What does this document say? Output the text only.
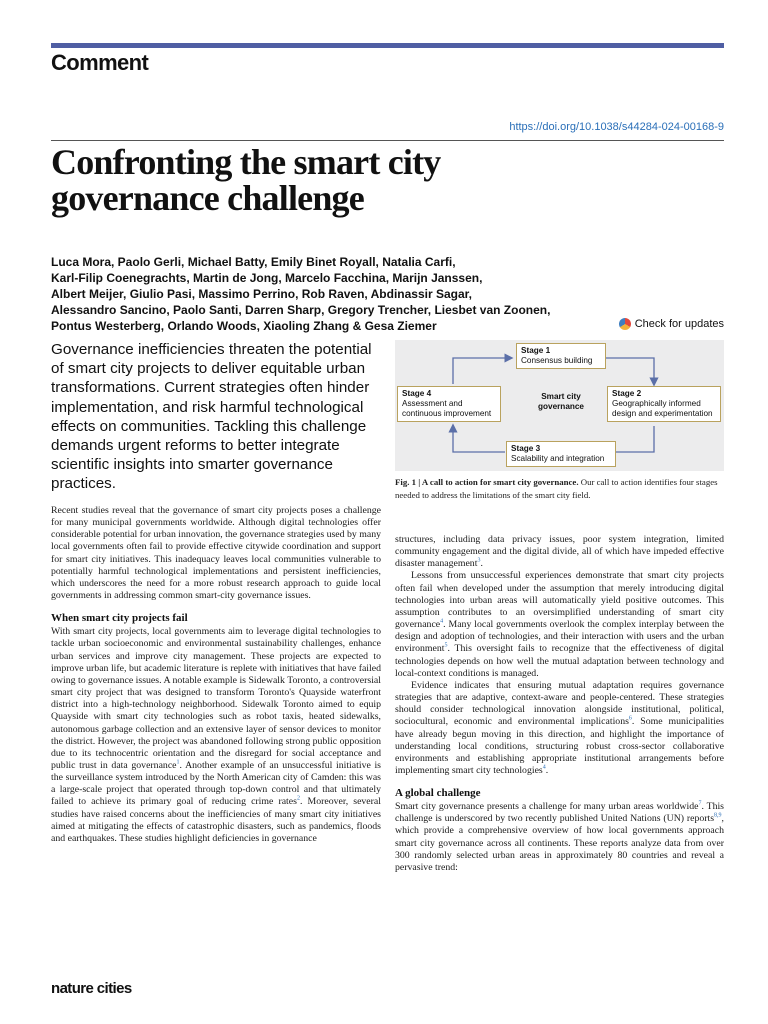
Comment
https://doi.org/10.1038/s44284-024-00168-9
Confronting the smart city
governance challenge
Luca Mora, Paolo Gerli, Michael Batty, Emily Binet Royall, Natalia Carfi,
Karl-Filip Coenegrachts, Martin de Jong, Marcelo Facchina, Marijn Janssen,
Albert Meijer, Giulio Pasi, Massimo Perrino, Rob Raven, Abdinassir Sagar,
Alessandro Sancino, Paolo Santi, Darren Sharp, Gregory Trencher, Liesbet van Zoonen,
Pontus Westerberg, Orlando Woods, Xiaoling Zhang & Gesa Ziemer	Check for updates

Governance inefficiencies threaten the potential of smart city projects to deliver equitable urban transformations. Current strategies often hinder implementation, and risk harmful technological effects on communities. Tackling this challenge demands urgent reforms to better integrate scientific insights into smarter governance practices.

Stage 1
Consensus building
Stage 2
Geographically informed design and experimentation
Stage 3
Scalability and integration
Stage 4
Assessment and continuous improvement
Smart city governance

Fig. 1 | A call to action for smart city governance. Our call to action identifies four stages needed to address the limitations of the smart city field.

Recent studies reveal that the governance of smart city projects poses a challenge for many municipal governments worldwide. Although digital technologies offer considerable potential for urban innovation, the governance strategies used by many local governments often fail to provide effective citywide coordination and support for smart city initiatives. This inadequacy leaves local communities vulnerable to potentially harmful technological implementations and persistent inefficiencies, which underscores the need for a more robust research approach to guide local governments in addressing common smart-city governance issues.

When smart city projects fail

With smart city projects, local governments aim to leverage digital technologies to tackle urban socioeconomic and environmental sustainability challenges, enhance urban services and improve city management. These projects are expected to improve urban life, but academic literature is replete with initiatives that have failed owing to governance issues. A notable example is Sidewalk Toronto, a controversial smart city project that was designed to transform Toronto's Quayside waterfront district into a high-technology neighborhood. Sidewalk Toronto aimed to equip Quayside with smart city technologies such as robot taxis, heated sidewalks, autonomous garbage collection and an extensive layer of sensor devices to monitor the district. However, the project was abandoned following strong public opposition due to its technocentric orientation and the disregard for social acceptance and public trust in data governance$^1$. Another example of an unsuccessful initiative is the surveillance system introduced by the North American city of Camden: this was a large-scale project that operated through top-down control and that ultimately failed to achieve its primary goal of reducing crime rates$^2$. Moreover, several studies have raised concerns about the inefficiencies of many smart city initiatives aimed at mitigating the effects of catastrophic disasters, such as pandemics, floods and earthquakes. These studies highlight deficiencies in governance

structures, including data privacy issues, poor system integration, limited community engagement and the digital divide, all of which have impeded effective disaster management$^3$.

Lessons from unsuccessful experiences demonstrate that smart city projects often fail when developed under the assumption that merely introducing digital technologies into urban areas will automatically yield positive outcomes. This assumption contributes to an oversimplified understanding of smart city governance$^4$. Many local governments overlook the complex interplay between the design and adoption of technologies, and their interaction with users and the urban environment$^5$. This oversight fails to recognize that the effectiveness of digital technologies depends on how well the mutual adaptation between technology and local-context conditions is managed.

Evidence indicates that ensuring mutual adaptation requires governance strategies that are adaptive, context-aware and people-centered. These strategies should consider technological innovation alongside institutional, political, sociocultural, economic and environmental implications$^6$. Some municipalities have already begun moving in this direction, and highlight the importance of understanding local conditions, structuring robust cross-sector collaborative environments and establishing appropriate institutional arrangements before implementing smart city technologies$^4$.

A global challenge

Smart city governance presents a challenge for many urban areas worldwide$^7$. This challenge is underscored by two recently published United Nations (UN) reports$^{8,9}$, which provide a comprehensive overview of how local governments approach smart city governance across all continents. These reports analyze data from over 300 randomly selected urban areas in approximately 80 countries and reveal a pervasive trend:

nature cities
